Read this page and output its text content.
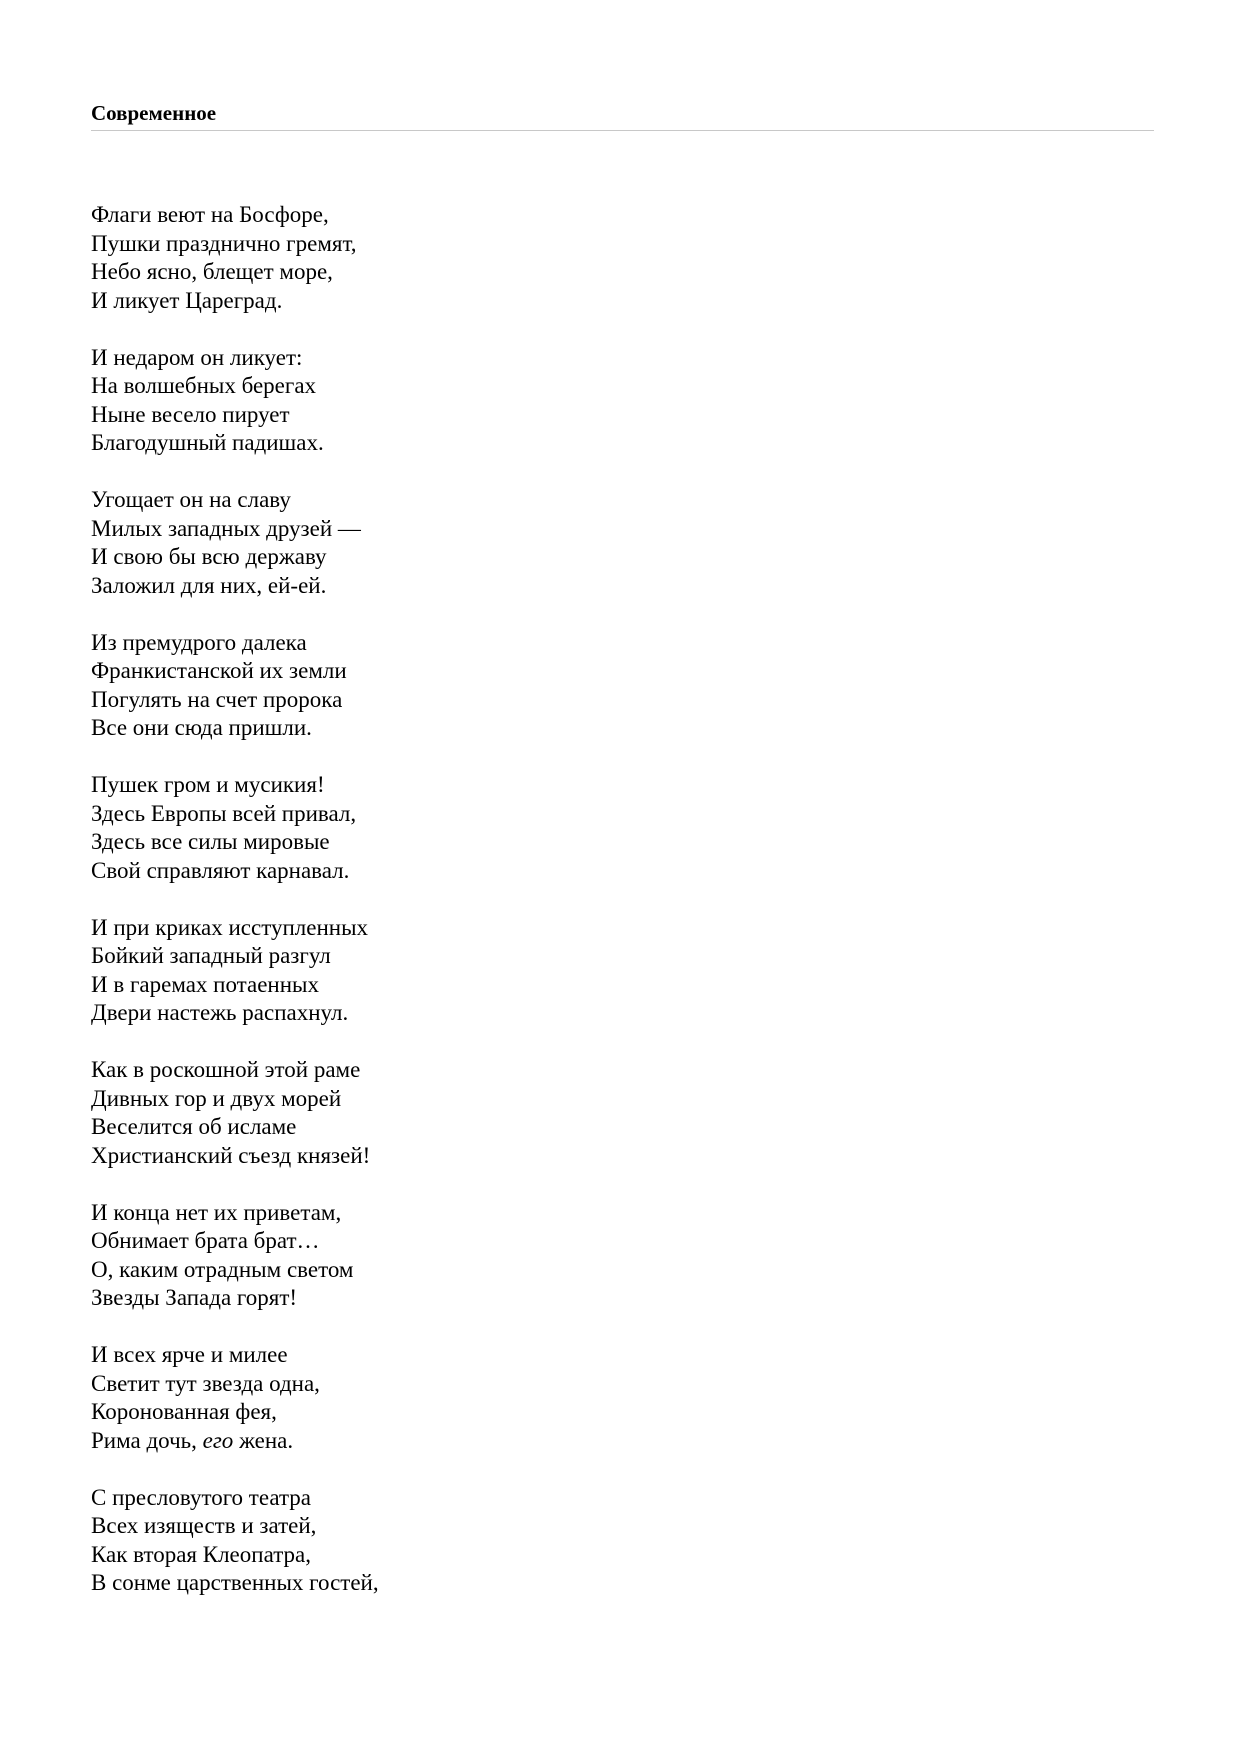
Современное
Флаги веют на Босфоре,
Пушки празднично гремят,
Небо ясно, блещет море,
И ликует Цареград.
И недаром он ликует:
На волшебных берегах
Ныне весело пирует
Благодушный падишах.
Угощает он на славу
Милых западных друзей —
И свою бы всю державу
Заложил для них, ей-ей.
Из премудрого далека
Франкистанской их земли
Погулять на счет пророка
Все они сюда пришли.
Пушек гром и мусикия!
Здесь Европы всей привал,
Здесь все силы мировые
Свой справляют карнавал.
И при криках исступленных
Бойкий западный разгул
И в гаремах потаенных
Двери настежь распахнул.
Как в роскошной этой раме
Дивных гор и двух морей
Веселится об исламе
Христианский съезд князей!
И конца нет их приветам,
Обнимает брата брат…
О, каким отрадным светом
Звезды Запада горят!
И всех ярче и милее
Светит тут звезда одна,
Коронованная фея,
Рима дочь, его жена.
С пресловутого театра
Всех изяществ и затей,
Как вторая Клеопатра,
В сонме царственных гостей,
